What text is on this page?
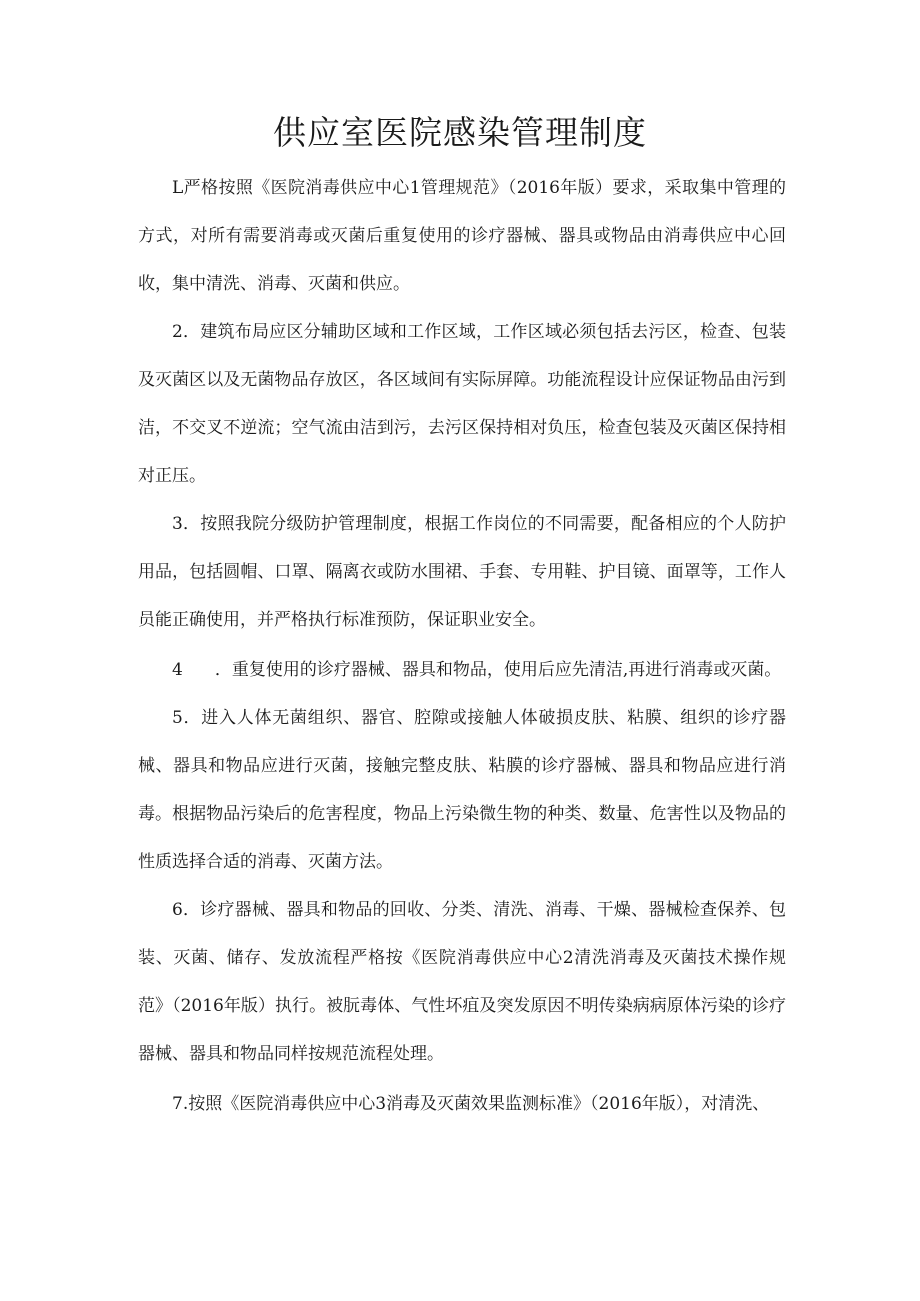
供应室医院感染管理制度

L严格按照《医院消毒供应中心1管理规范》（2016年版）要求，采取集中管理的方式，对所有需要消毒或灭菌后重复使用的诊疗器械、器具或物品由消毒供应中心回收，集中清洗、消毒、灭菌和供应。

2．建筑布局应区分辅助区域和工作区域，工作区域必须包括去污区，检查、包装及灭菌区以及无菌物品存放区，各区域间有实际屏障。功能流程设计应保证物品由污到洁，不交叉不逆流；空气流由洁到污，去污区保持相对负压，检查包装及灭菌区保持相对正压。

3．按照我院分级防护管理制度，根据工作岗位的不同需要，配备相应的个人防护用品，包括圆帽、口罩、隔离衣或防水围裙、手套、专用鞋、护目镜、面罩等，工作人员能正确使用，并严格执行标准预防，保证职业安全。

4 ．重复使用的诊疗器械、器具和物品，使用后应先清洁,再进行消毒或灭菌。

5．进入人体无菌组织、器官、腔隙或接触人体破损皮肤、粘膜、组织的诊疗器械、器具和物品应进行灭菌，接触完整皮肤、粘膜的诊疗器械、器具和物品应进行消毒。根据物品污染后的危害程度，物品上污染微生物的种类、数量、危害性以及物品的性质选择合适的消毒、灭菌方法。

6．诊疗器械、器具和物品的回收、分类、清洗、消毒、干燥、器械检查保养、包装、灭菌、储存、发放流程严格按《医院消毒供应中心2清洗消毒及灭菌技术操作规范》（2016年版）执行。被朊毒体、气性坏疽及突发原因不明传染病病原体污染的诊疗器械、器具和物品同样按规范流程处理。

7.按照《医院消毒供应中心3消毒及灭菌效果监测标准》（2016年版），对清洗、
